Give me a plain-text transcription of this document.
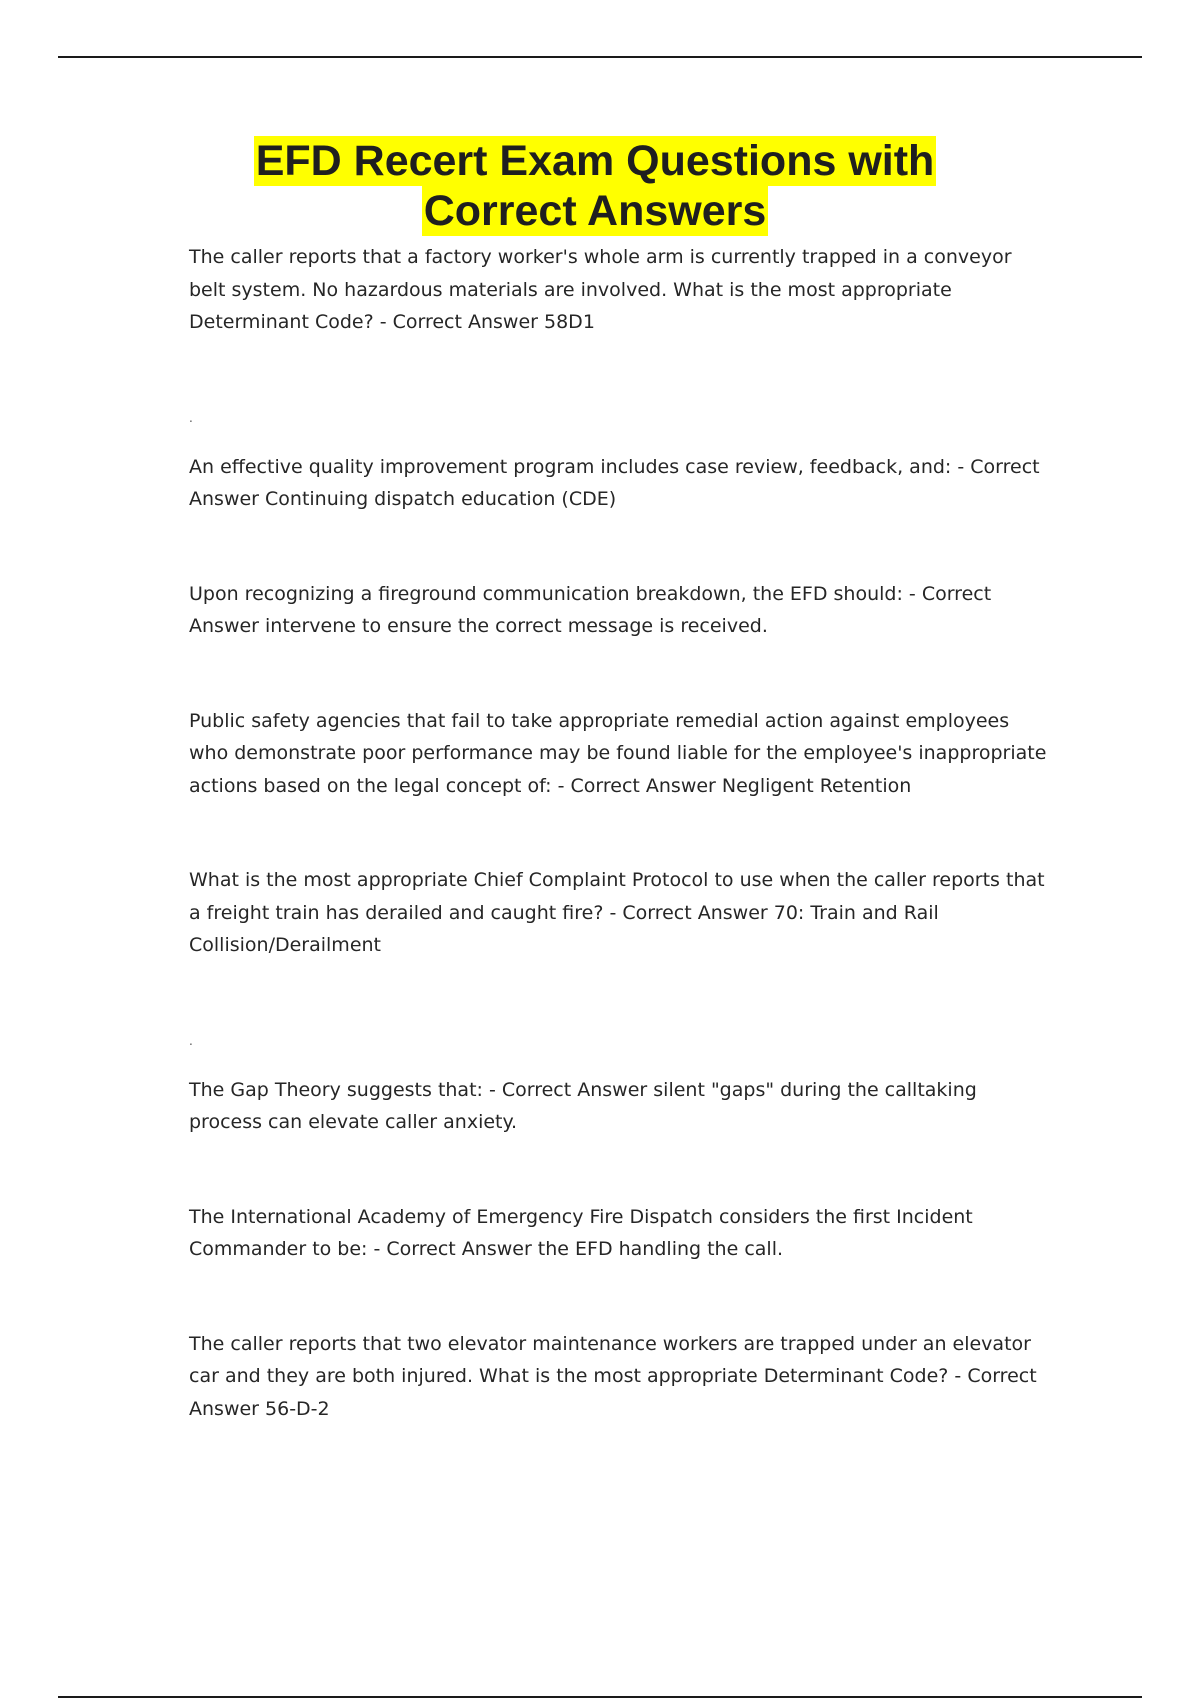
EFD Recert Exam Questions with
Correct Answers

The caller reports that a factory worker's whole arm is currently trapped in a conveyor belt system. No hazardous materials are involved. What is the most appropriate Determinant Code? - Correct Answer 58D1

.

An effective quality improvement program includes case review, feedback, and: - Correct Answer Continuing dispatch education (CDE)

Upon recognizing a fireground communication breakdown, the EFD should: - Correct Answer intervene to ensure the correct message is received.

Public safety agencies that fail to take appropriate remedial action against employees who demonstrate poor performance may be found liable for the employee's inappropriate actions based on the legal concept of: - Correct Answer Negligent Retention

What is the most appropriate Chief Complaint Protocol to use when the caller reports that a freight train has derailed and caught fire? - Correct Answer 70: Train and Rail Collision/Derailment

.

The Gap Theory suggests that: - Correct Answer silent "gaps" during the calltaking process can elevate caller anxiety.

The International Academy of Emergency Fire Dispatch considers the first Incident Commander to be: - Correct Answer the EFD handling the call.

The caller reports that two elevator maintenance workers are trapped under an elevator car and they are both injured. What is the most appropriate Determinant Code? - Correct Answer 56-D-2
